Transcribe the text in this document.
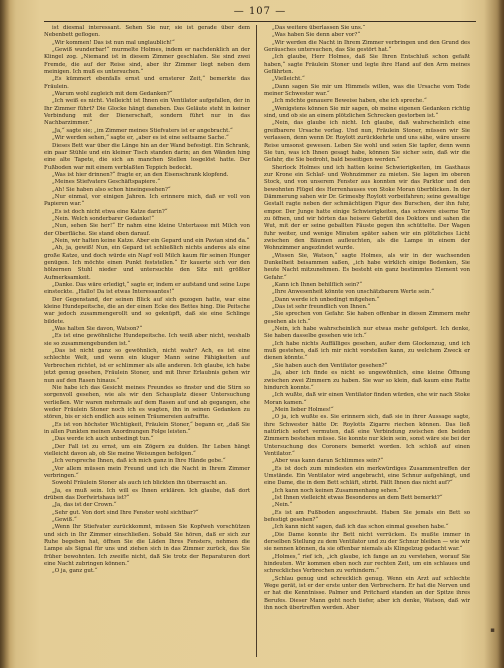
— 107 —

ist diesmal interessant. Sehen Sie nur, sie ist gerade über dem Nebenbett geflogen.

„Wir kommen! Das ist nun mal unglaublich!“

„Gewiß wunderbar!“ murmelte Holmes, indem er nachdenklich an der Klingel zog. „Niemand ist in diesem Zimmer geschlafen. Sie sind zwei Fremde, die auf der Reise sind, aber ihr Zimmer liegt neben dem meinigen. Ich muß es untersuchen.“

„Es kümmert ebenfalls ernst und ernsterer Zeit,“ bemerkte das Fräulein.

„Warum wohl zugleich mit dem Gedanken?“

„Ich weiß es nicht. Vielleicht ist Ihnen ein Ventilator aufgefallen, der in Ihr Zimmer führt? Die Glocke hängt daneben. Das Geläute steht in keiner Verbindung mit der Dienerschaft, sondern führt nur in das Nachbarzimmer.“

„Ja,“ sagte sie; „im Zimmer meines Stiefvaters ist er angebracht.“

„Wir werden sehen,“ sagte er, „aber es ist eine seltsame Sache.“

Dieses Bett war über die Länge hin an der Wand befestigt. Ein Schrank, ein paar Stühle und ein kleiner Tisch standen darin; an den Wänden hing eine alte Tapete, die sich an manchen Stellen losgelöst hatte. Der Fußboden war mit einem verblaßten Teppich bedeckt.

„Was ist hier drinnen?“ fragte er, an den Eisenschrank klopfend.

„Meines Stiefvaters Geschäftspapiere.“

„Ah! Sie haben also schon hineingesehen?“

„Nur einmal, vor einigen Jahren. Ich erinnere mich, daß er voll von Papieren war.“

„Es ist doch nicht etwa eine Katze darin?“

„Nein. Welch sonderbarer Gedanke!“

„Nun, sehen Sie her!“ Er nahm eine kleine Untertasse mit Milch von der Oberfläche. Sie stand oben darauf.

„Nein, wir halten keine Katze. Aber ein Gepard und ein Pavian sind da.“

„Ah, ja, gewiß! Nun, ein Gepard ist schließlich nichts anderes als eine große Katze, und doch würde ein Napf voll Milch kaum für seinen Hunger genügen. Ich möchte einen Punkt feststellen.“ Er kauerte sich vor den hölzernen Stuhl nieder und untersuchte den Sitz mit größter Aufmerksamkeit.

„Danke. Das wäre erledigt,“ sagte er, indem er aufstand und seine Lupe einsteckte. „Hallo! Da ist etwas Interessantes!“

Der Gegenstand, der seinen Blick auf sich gezogen hatte, war eine kleine Hundepeitsche, die an der einen Ecke des Bettes hing. Die Peitsche war jedoch zusammengerollt und so geknüpft, daß sie eine Schlinge bildete.

„Was halten Sie davon, Watson?“

„Es ist eine gewöhnliche Hundepeitsche. Ich weiß aber nicht, weshalb sie so zusammengebunden ist.“

„Das ist nicht ganz so gewöhnlich, nicht wahr? Ach, es ist eine schlechte Welt, und wenn ein kluger Mann seine Fähigkeiten auf Verbrechen richtet, ist er schlimmer als alle anderen. Ich glaube, ich habe jetzt genug gesehen, Fräulein Stoner, und mit Ihrer Erlaubnis gehen wir nun auf den Rasen hinaus.“

Nie habe ich das Gesicht meines Freundes so finster und die Stirn so sorgenvoll gesehen, wie als wir den Schauplatz dieser Untersuchung verließen. Wir waren mehrmals auf dem Rasen auf und ab gegangen, ehe weder Fräulein Stoner noch ich es wagten, ihn in seinen Gedanken zu stören, bis er sich endlich aus seinen Träumereien aufraffte.

„Es ist von höchster Wichtigkeit, Fräulein Stoner,“ begann er, „daß Sie in allen Punkten meinen Anordnungen Folge leisten.“

„Das werde ich auch unbedingt tun.“

„Der Fall ist zu ernst, um ein Zögern zu dulden. Ihr Leben hängt vielleicht davon ab, ob Sie meine Weisungen befolgen.“

„Ich verspreche Ihnen, daß ich mich ganz in Ihre Hände gebe.“

„Vor allem müssen mein Freund und ich die Nacht in Ihrem Zimmer verbringen.“

Sowohl Fräulein Stoner als auch ich blickten ihn überrascht an.

„Ja, es muß sein. Ich will es Ihnen erklären. Ich glaube, daß dort drüben das Dorfwirtshaus ist?“

„Ja, das ist der Crown.“

„Sehr gut. Von dort sind Ihre Fenster wohl sichtbar?“

„Gewiß.“

„Wenn Ihr Stiefvater zurückkommt, müssen Sie Kopfweh vorschützen und sich in Ihr Zimmer einschließen. Sobald Sie hören, daß er sich zur Ruhe begeben hat, öffnen Sie die Läden Ihres Fensters, nehmen die Lampe als Signal für uns und ziehen sich in das Zimmer zurück, das Sie früher bewohnten. Ich zweifle nicht, daß Sie trotz der Reparaturen dort eine Nacht zubringen können.“

„O ja, ganz gut.“

„Das weitere überlassen Sie uns.“

„Was haben Sie denn aber vor?“

„Wir werden die Nacht in Ihrem Zimmer verbringen und den Grund des Geräusches untersuchen, das Sie gestört hat.“

„Ich glaube, Herr Holmes, daß Sie Ihren Entschluß schon gefaßt haben,“ sagte Fräulein Stoner und legte ihre Hand auf den Arm meines Gefährten.

„Vielleicht.“

„Dann sagen Sie mir um Himmels willen, was die Ursache vom Tode meiner Schwester war.“

„Ich möchte genauere Beweise haben, ehe ich spreche.“

„Wenigstens können Sie mir sagen, ob meine eigenen Gedanken richtig sind, und ob sie an einem plötzlichen Schrecken gestorben ist.“

„Nein, das glaube ich nicht. Ich glaube, daß wahrscheinlich eine greifbarere Ursache vorlag. Und nun, Fräulein Stoner, müssen wir Sie verlassen, denn wenn Dr. Roylott zurückkehrte und uns sähe, wäre unsere Reise umsonst gewesen. Leben Sie wohl und seien Sie tapfer, denn wenn Sie tun, was ich Ihnen gesagt habe, können Sie sicher sein, daß wir die Gefahr, die Sie bedroht, bald beseitigen werden.“

Sherlock Holmes und ich hatten keine Schwierigkeiten, im Gasthaus zur Krone ein Schlaf- und Wohnzimmer zu mieten. Sie lagen im oberen Stock, und von unserem Fenster aus konnten wir das Parktor und den bewohnten Flügel des Herrenhauses von Stoke Moran überblicken. In der Dämmerung sahen wir Dr. Grimesby Roylott vorbeifahren; seine gewaltige Gestalt ragte neben der schmächtigen Figur des Burschen, der ihn fuhr, empor. Der Junge hatte einige Schwierigkeiten, das schwere eiserne Tor zu öffnen, und wir hörten das heisere Gebrüll des Doktors und sahen die Wut, mit der er seine geballten Fäuste gegen ihn schüttelte. Der Wagen fuhr weiter, und wenige Minuten später sahen wir ein plötzliches Licht zwischen den Bäumen aufleuchten, als die Lampe in einem der Wohnzimmer angezündet wurde.

„Wissen Sie, Watson,“ sagte Holmes, als wir in der wachsenden Dunkelheit beisammen saßen, „ich habe wirklich einige Bedenken, Sie heute Nacht mitzunehmen. Es besteht ein ganz bestimmtes Element von Gefahr.“

„Kann ich Ihnen behilflich sein?“

„Ihre Anwesenheit könnte von unschätzbarem Werte sein.“

„Dann werde ich unbedingt mitgehen.“

„Das ist sehr freundlich von Ihnen.“

„Sie sprechen von Gefahr. Sie haben offenbar in diesen Zimmern mehr gesehen als ich.“

„Nein, ich habe wahrscheinlich nur etwas mehr gefolgert. Ich denke, Sie haben dasselbe gesehen wie ich.“

„Ich habe nichts Auffälliges gesehen, außer dem Glockenzug, und ich muß gestehen, daß ich mir nicht vorstellen kann, zu welchem Zweck er dienen könnte.“

„Sie haben auch den Ventilator gesehen?“

„Ja, aber ich finde es nicht so ungewöhnlich, eine kleine Öffnung zwischen zwei Zimmern zu haben. Sie war so klein, daß kaum eine Ratte hindurch konnte.“

„Ich wußte, daß wir einen Ventilator finden würden, ehe wir nach Stoke Moran kamen.“

„Mein lieber Holmes!“

„O ja, ich wußte es. Sie erinnern sich, daß sie in ihrer Aussage sagte, ihre Schwester hätte Dr. Roylotts Zigarre riechen können. Das ließ natürlich sofort vermuten, daß eine Verbindung zwischen den beiden Zimmern bestehen müsse. Sie konnte nur klein sein, sonst wäre sie bei der Untersuchung des Coroners bemerkt worden. Ich schloß auf einen Ventilator.“

„Aber was kann daran Schlimmes sein?“

„Es ist doch zum mindesten ein merkwürdiges Zusammentreffen der Umstände. Ein Ventilator wird angebracht, eine Schnur aufgehängt, und eine Dame, die in dem Bett schläft, stirbt. Fällt Ihnen das nicht auf?“

„Ich kann noch keinen Zusammenhang sehen.“

„Ist Ihnen vielleicht etwas Besonderes an dem Bett bemerkt?“

„Nein.“

„Es ist am Fußboden angeschraubt. Haben Sie jemals ein Bett so befestigt gesehen?“

„Ich kann nicht sagen, daß ich das schon einmal gesehen habe.“

„Die Dame konnte ihr Bett nicht verrücken. Es mußte immer in derselben Stellung zu dem Ventilator und zu der Schnur bleiben — wie wir sie nennen können, da sie offenbar niemals als Klingelzug gedacht war.“

„Holmes,“ rief ich, „ich glaube, ich fange an zu verstehen, worauf Sie hindeuten. Wir kommen eben noch zur rechten Zeit, um ein schlaues und schreckliches Verbrechen zu verhindern.“

„Schlau genug und schrecklich genug. Wenn ein Arzt auf schlechte Wege gerät, ist er der erste unter den Verbrechern. Er hat die Nerven und er hat die Kenntnisse. Palmer und Pritchard standen an der Spitze ihres Berufes. Dieser Mann geht noch tiefer, aber ich denke, Watson, daß wir ihn noch übertreffen werden. Aber

▪
